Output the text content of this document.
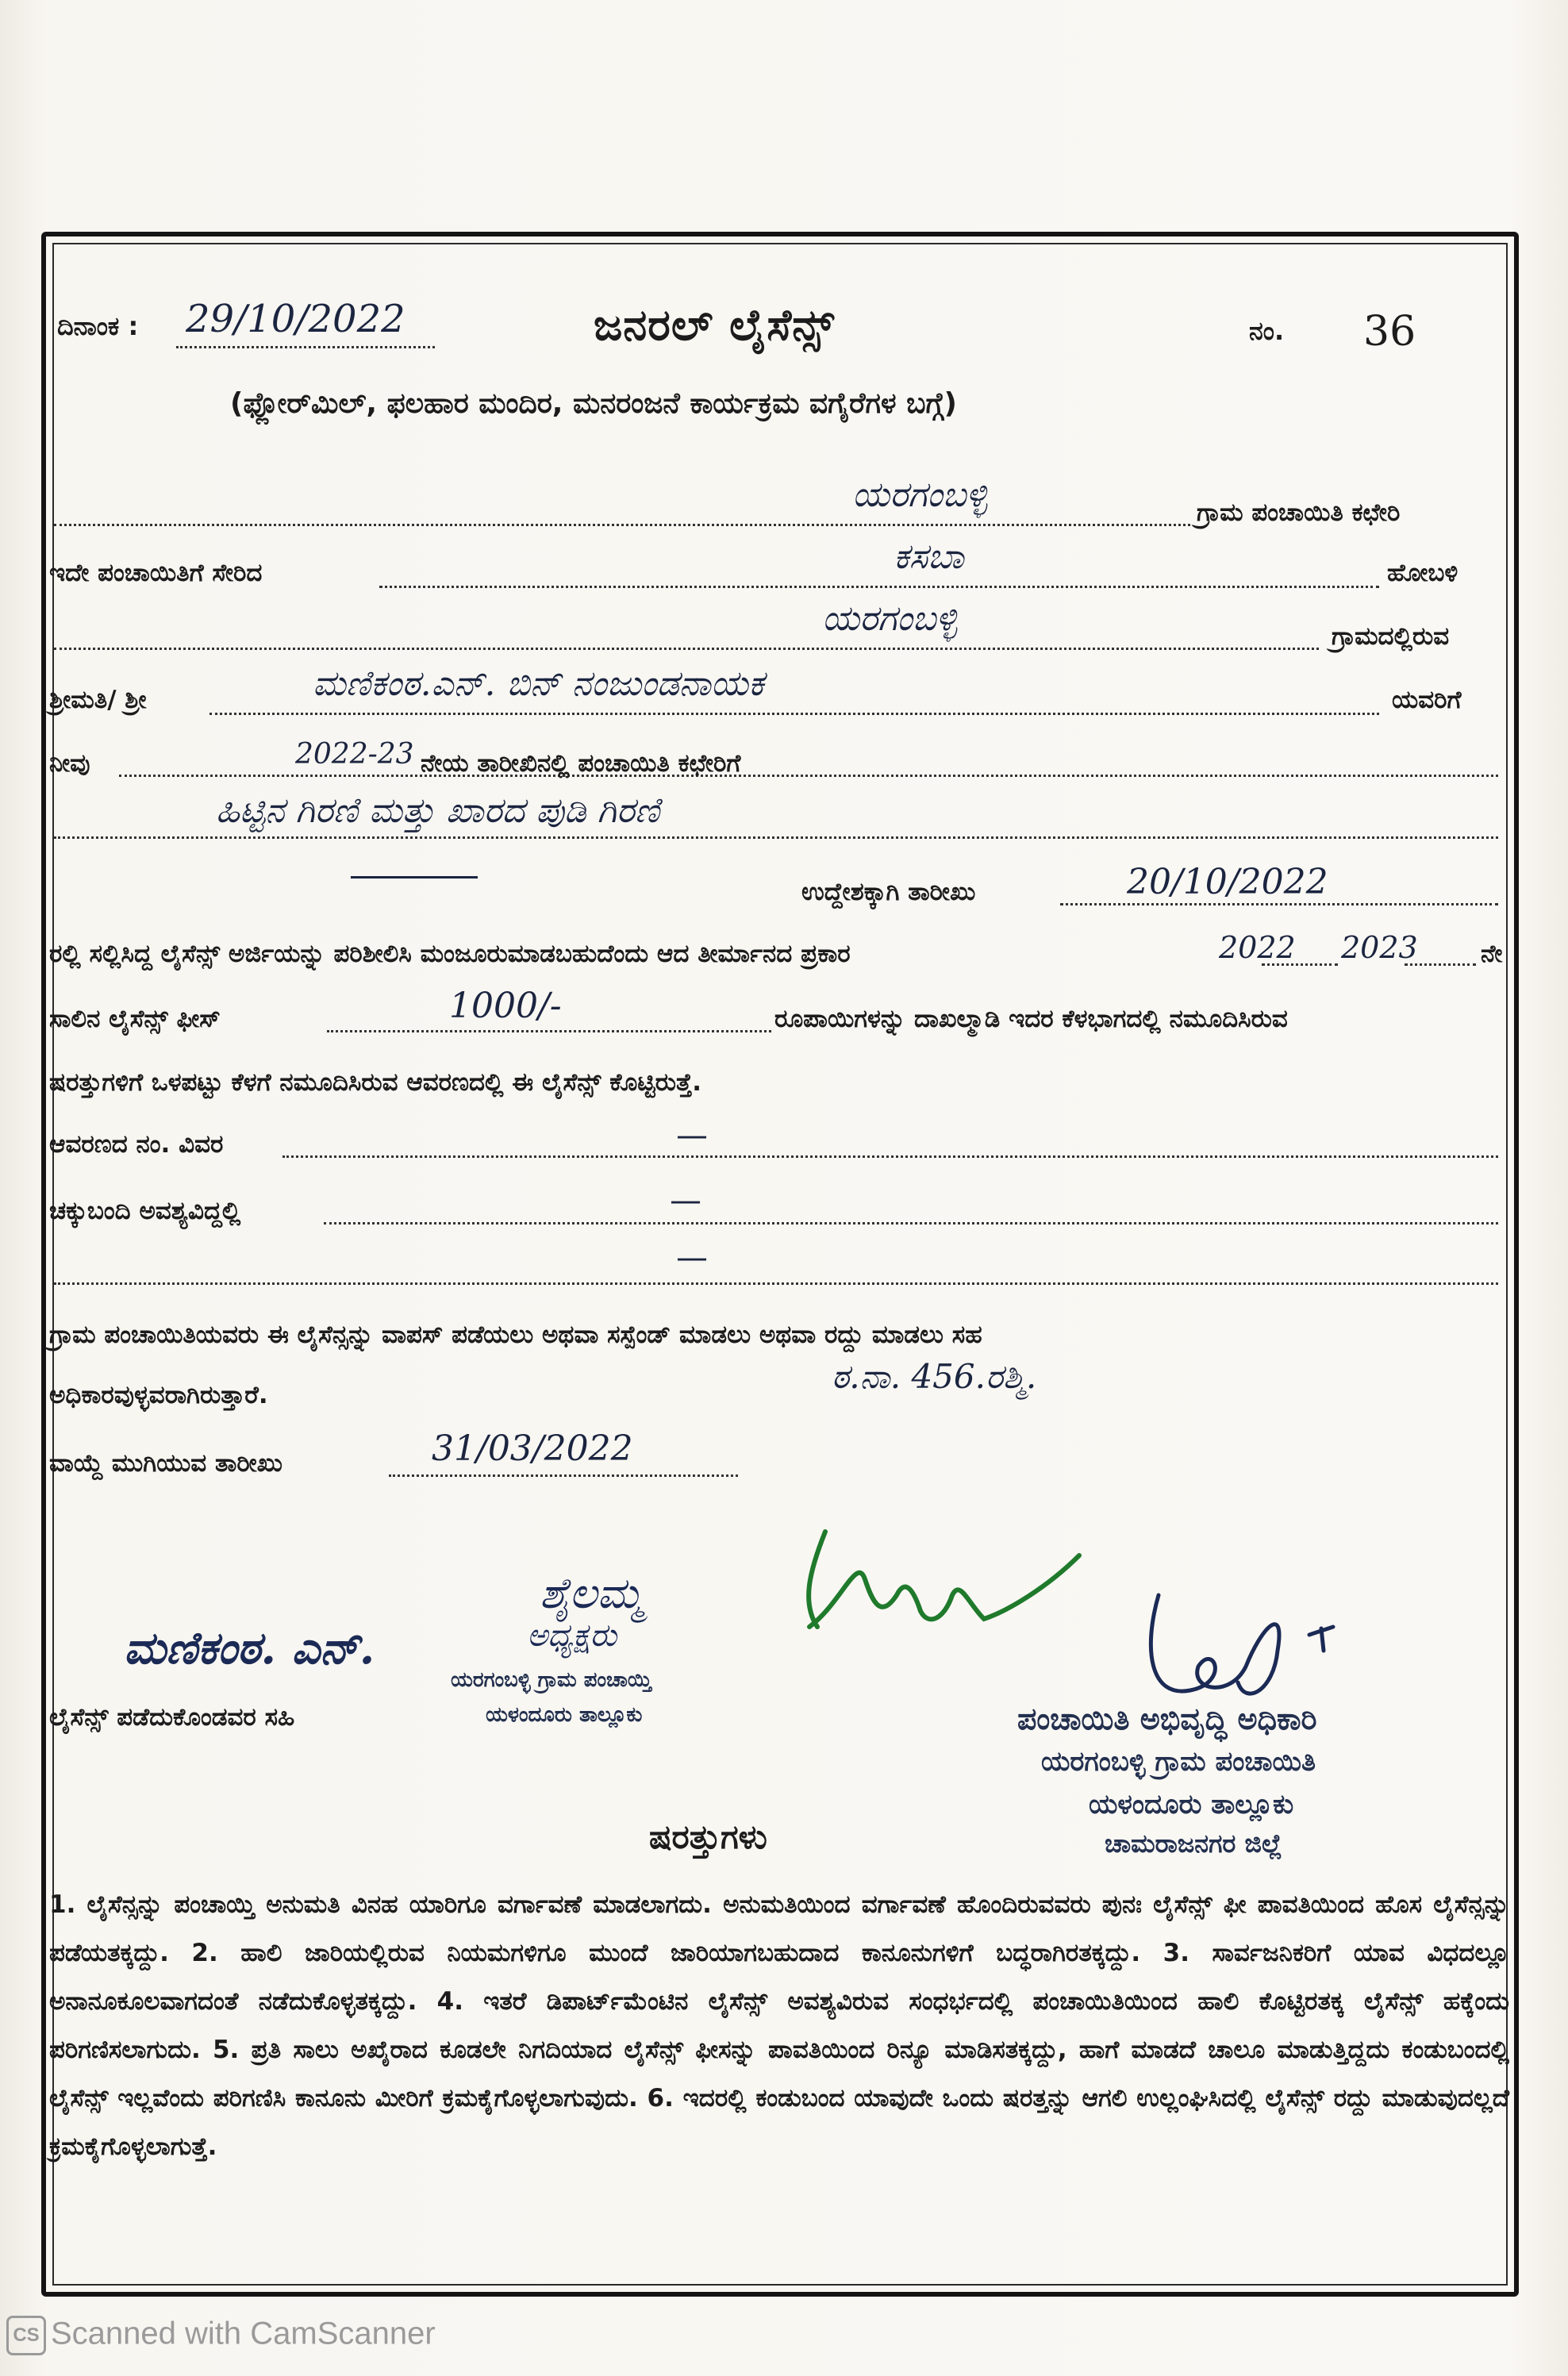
ದಿನಾಂಕ : 29/10/2022	ಜನರಲ್ ಲೈಸೆನ್ಸ್	ನಂ. 36
(ಫ್ಲೋರ್‌ಮಿಲ್, ಫಲಹಾರ ಮಂದಿರ, ಮನರಂಜನೆ ಕಾರ್ಯಕ್ರಮ ವಗೈರೆಗಳ ಬಗ್ಗೆ)
ಯರಗಂಬಳ್ಳಿ	ಗ್ರಾಮ ಪಂಚಾಯಿತಿ ಕಛೇರಿ
ಇದೇ ಪಂಚಾಯಿತಿಗೆ ಸೇರಿದ	ಕಸಬಾ	ಹೋಬಳಿ
ಯರಗಂಬಳ್ಳಿ	ಗ್ರಾಮದಲ್ಲಿರುವ
ಶ್ರೀಮತಿ/ ಶ್ರೀ	ಮಣಿಕಂಠ.ಎನ್. ಬಿನ್ ನಂಜುಂಡನಾಯಕ	ಯವರಿಗೆ
ನೀವು	2022-23 ನೇಯ ತಾರೀಖಿನಲ್ಲಿ ಪಂಚಾಯಿತಿ ಕಛೇರಿಗೆ
ಹಿಟ್ಟಿನ ಗಿರಣಿ ಮತ್ತು ಖಾರದ ಪುಡಿ ಗಿರಣಿ
ಉದ್ದೇಶಕ್ಕಾಗಿ ತಾರೀಖು	20/10/2022
ರಲ್ಲಿ ಸಲ್ಲಿಸಿದ್ದ ಲೈಸೆನ್ಸ್ ಅರ್ಜಿಯನ್ನು ಪರಿಶೀಲಿಸಿ ಮಂಜೂರುಮಾಡಬಹುದೆಂದು ಆದ ತೀರ್ಮಾನದ ಪ್ರಕಾರ	2022 2023	ನೇ
ಸಾಲಿನ ಲೈಸೆನ್ಸ್ ಫೀಸ್	1000/-	ರೂಪಾಯಿಗಳನ್ನು ದಾಖಲ್ಮಾಡಿ ಇದರ ಕೆಳಭಾಗದಲ್ಲಿ ನಮೂದಿಸಿರುವ
ಷರತ್ತುಗಳಿಗೆ ಒಳಪಟ್ಟು ಕೆಳಗೆ ನಮೂದಿಸಿರುವ ಆವರಣದಲ್ಲಿ ಈ ಲೈಸೆನ್ಸ್ ಕೊಟ್ಟಿರುತ್ತೆ.
ಆವರಣದ ನಂ. ವಿವರ	—
ಚಕ್ಕುಬಂದಿ ಅವಶ್ಯವಿದ್ದಲ್ಲಿ	—
—
ಗ್ರಾಮ ಪಂಚಾಯಿತಿಯವರು ಈ ಲೈಸೆನ್ಸನ್ನು ವಾಪಸ್ ಪಡೆಯಲು ಅಥವಾ ಸಸ್ಪೆಂಡ್ ಮಾಡಲು ಅಥವಾ ರದ್ದು ಮಾಡಲು ಸಹ
ಅಧಿಕಾರವುಳ್ಳವರಾಗಿರುತ್ತಾರೆ.	ಠ.ನಾ. 456.ರಶ್ಮಿ.
ವಾಯ್ದೆ ಮುಗಿಯುವ ತಾರೀಖು	31/03/2022
ಮಣಿಕಂಠ. ಎನ್.
ಲೈಸೆನ್ಸ್ ಪಡೆದುಕೊಂಡವರ ಸಹಿ
ಶೈಲಮ್ಮ
ಅಧ್ಯಕ್ಷರು
ಯರಗಂಬಳ್ಳಿ ಗ್ರಾಮ ಪಂಚಾಯ್ತಿ
ಯಳಂದೂರು ತಾಲ್ಲೂಕು	ಪಂಚಾಯಿತಿ ಅಭಿವೃದ್ಧಿ ಅಧಿಕಾರಿ
ಯರಗಂಬಳ್ಳಿ ಗ್ರಾಮ ಪಂಚಾಯಿತಿ
ಯಳಂದೂರು ತಾಲ್ಲೂಕು
ಚಾಮರಾಜನಗರ ಜಿಲ್ಲೆ
ಷರತ್ತುಗಳು
1. ಲೈಸೆನ್ಸನ್ನು ಪಂಚಾಯ್ತಿ ಅನುಮತಿ ವಿನಹ ಯಾರಿಗೂ ವರ್ಗಾವಣೆ ಮಾಡಲಾಗದು. ಅನುಮತಿಯಿಂದ ವರ್ಗಾವಣೆ ಹೊಂದಿರುವವರು ಪುನಃ ಲೈಸೆನ್ಸ್ ಫೀ ಪಾವತಿಯಿಂದ ಹೊಸ ಲೈಸೆನ್ಸನ್ನು ಪಡೆಯತಕ್ಕದ್ದು. 2. ಹಾಲಿ ಜಾರಿಯಲ್ಲಿರುವ ನಿಯಮಗಳಿಗೂ ಮುಂದೆ ಜಾರಿಯಾಗಬಹುದಾದ ಕಾನೂನುಗಳಿಗೆ ಬದ್ಧರಾಗಿರತಕ್ಕದ್ದು. 3. ಸಾರ್ವಜನಿಕರಿಗೆ ಯಾವ ವಿಧದಲ್ಲೂ ಅನಾನೂಕೂಲವಾಗದಂತೆ ನಡೆದುಕೊಳ್ಳತಕ್ಕದ್ದು. 4. ಇತರೆ ಡಿಪಾರ್ಟ್‌ಮೆಂಟಿನ ಲೈಸೆನ್ಸ್ ಅವಶ್ಯವಿರುವ ಸಂಧರ್ಭದಲ್ಲಿ ಪಂಚಾಯಿತಿಯಿಂದ ಹಾಲಿ ಕೊಟ್ಟಿರತಕ್ಕ ಲೈಸೆನ್ಸ್ ಹಕ್ಕೆಂದು ಪರಿಗಣಿಸಲಾಗುದು. 5. ಪ್ರತಿ ಸಾಲು ಅಖೈರಾದ ಕೂಡಲೇ ನಿಗದಿಯಾದ ಲೈಸೆನ್ಸ್ ಫೀಸನ್ನು ಪಾವತಿಯಿಂದ ರಿನ್ಯೂ ಮಾಡಿಸತಕ್ಕದ್ದು, ಹಾಗೆ ಮಾಡದೆ ಚಾಲೂ ಮಾಡುತ್ತಿದ್ದದು ಕಂಡುಬಂದಲ್ಲಿ ಲೈಸೆನ್ಸ್ ಇಲ್ಲವೆಂದು ಪರಿಗಣಿಸಿ ಕಾನೂನು ಮೀರಿಗೆ ಕ್ರಮಕೈಗೊಳ್ಳಲಾಗುವುದು. 6. ಇದರಲ್ಲಿ ಕಂಡುಬಂದ ಯಾವುದೇ ಒಂದು ಷರತ್ತನ್ನು ಆಗಲಿ ಉಲ್ಲಂಘಿಸಿದಲ್ಲಿ ಲೈಸೆನ್ಸ್ ರದ್ದು ಮಾಡುವುದಲ್ಲದೆ ಕ್ರಮಕೈಗೊಳ್ಳಲಾಗುತ್ತೆ.
CS Scanned with CamScanner
